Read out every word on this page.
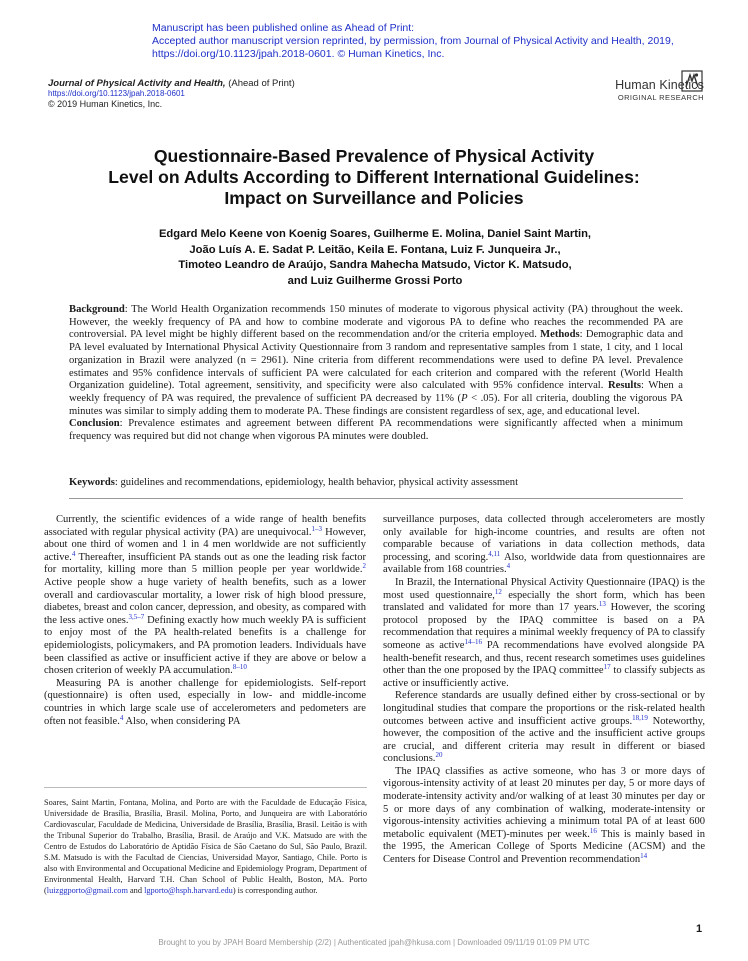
Manuscript has been published online as Ahead of Print:
Accepted author manuscript version reprinted, by permission, from Journal of Physical Activity and Health, 2019,
https://doi.org/10.1123/jpah.2018-0601. © Human Kinetics, Inc.
Journal of Physical Activity and Health, (Ahead of Print)
https://doi.org/10.1123/jpah.2018-0601
© 2019 Human Kinetics, Inc.
Human Kinetics
ORIGINAL RESEARCH
Questionnaire-Based Prevalence of Physical Activity
Level on Adults According to Different International Guidelines:
Impact on Surveillance and Policies
Edgard Melo Keene von Koenig Soares, Guilherme E. Molina, Daniel Saint Martin,
João Luís A. E. Sadat P. Leitão, Keila E. Fontana, Luiz F. Junqueira Jr.,
Timoteo Leandro de Araújo, Sandra Mahecha Matsudo, Victor K. Matsudo,
and Luiz Guilherme Grossi Porto
Background: The World Health Organization recommends 150 minutes of moderate to vigorous physical activity (PA) throughout the week. However, the weekly frequency of PA and how to combine moderate and vigorous PA to define who reaches the recommended PA are controversial. PA level might be highly different based on the recommendation and/or the criteria employed. Methods: Demographic data and PA level evaluated by International Physical Activity Questionnaire from 3 random and representative samples from 1 state, 1 city, and 1 local organization in Brazil were analyzed (n = 2961). Nine criteria from different recommendations were used to define PA level. Prevalence estimates and 95% confidence intervals of sufficient PA were calculated for each criterion and compared with the referent (World Health Organization guideline). Total agreement, sensitivity, and specificity were also calculated with 95% confidence interval. Results: When a weekly frequency of PA was required, the prevalence of sufficient PA decreased by 11% (P < .05). For all criteria, doubling the vigorous PA minutes was similar to simply adding them to moderate PA. These findings are consistent regardless of sex, age, and educational level.
Conclusion: Prevalence estimates and agreement between different PA recommendations were significantly affected when a minimum frequency was required but did not change when vigorous PA minutes were doubled.
Keywords: guidelines and recommendations, epidemiology, health behavior, physical activity assessment

Currently, the scientific evidences of a wide range of health benefits associated with regular physical activity (PA) are unequivocal.$^{1-3}$ However, about one third of women and 1 in 4 men worldwide are not sufficiently active.$^4$ Thereafter, insufficient PA stands out as one the leading risk factor for mortality, killing more than 5 million people per year worldwide.$^2$ Active people show a huge variety of health benefits, such as a lower overall and cardiovascular mortality, a lower risk of high blood pressure, diabetes, breast and colon cancer, depression, and obesity, as compared with the less active ones.$^{3,5-7}$ Defining exactly how much weekly PA is sufficient to enjoy most of the PA health-related benefits is a challenge for epidemiologists, policymakers, and PA promotion leaders. Individuals have been classified as active or insufficient active if they are above or below a chosen criterion of weekly PA accumulation.$^{8-10}$

Measuring PA is another challenge for epidemiologists. Self-report (questionnaire) is often used, especially in low- and middle-income countries in which large scale use of accelerometers and pedometers are often not feasible.$^4$ Also, when considering PA

Soares, Saint Martin, Fontana, Molina, and Porto are with the Faculdade de Educação Física, Universidade de Brasília, Brasília, Brasil. Molina, Porto, and Junqueira are with Laboratório Cardiovascular, Faculdade de Medicina, Universidade de Brasília, Brasília, Brasil. Leitão is with the Tribunal Superior do Trabalho, Brasília, Brasil. de Araújo and V.K. Matsudo are with the Centro de Estudos do Laboratório de Aptidão Física de São Caetano do Sul, São Paulo, Brazil. S.M. Matsudo is with the Facultad de Ciencias, Universidad Mayor, Santiago, Chile. Porto is also with Environmental and Occupational Medicine and Epidemiology Program, Department of Environmental Health, Harvard T.H. Chan School of Public Health, Boston, MA. Porto (luizggporto@gmail.com and lgporto@hsph.harvard.edu) is corresponding author.

surveillance purposes, data collected through accelerometers are mostly only available for high-income countries, and results are often not comparable because of variations in data collection methods, data processing, and scoring.$^{4,11}$ Also, worldwide data from questionnaires are available from 168 countries.$^4$

In Brazil, the International Physical Activity Questionnaire (IPAQ) is the most used questionnaire,$^{12}$ especially the short form, which has been translated and validated for more than 17 years.$^{13}$ However, the scoring protocol proposed by the IPAQ committee is based on a PA recommendation that requires a minimal weekly frequency of PA to classify someone as active$^{14-16}$ PA recommendations have evolved alongside PA health-benefit research, and thus, recent research sometimes uses guidelines other than the one proposed by the IPAQ committee$^{17}$ to classify subjects as active or insufficiently active.

Reference standards are usually defined either by cross-sectional or by longitudinal studies that compare the proportions or the risk-related health outcomes between active and insufficient active groups.$^{18,19}$ Noteworthy, however, the composition of the active and the insufficient active groups are crucial, and different criteria may result in different or biased conclusions.$^{20}$

The IPAQ classifies as active someone, who has 3 or more days of vigorous-intensity activity of at least 20 minutes per day, 5 or more days of moderate-intensity activity and/or walking of at least 30 minutes per day or 5 or more days of any combination of walking, moderate-intensity or vigorous-intensity activities achieving a minimum total PA of at least 600 metabolic equivalent (MET)-minutes per week.$^{16}$ This is mainly based in the 1995, the American College of Sports Medicine (ACSM) and the Centers for Disease Control and Prevention recommendation$^{14}$

1
Brought to you by JPAH Board Membership (2/2) | Authenticated jpah@hkusa.com | Downloaded 09/11/19 01:09 PM UTC
